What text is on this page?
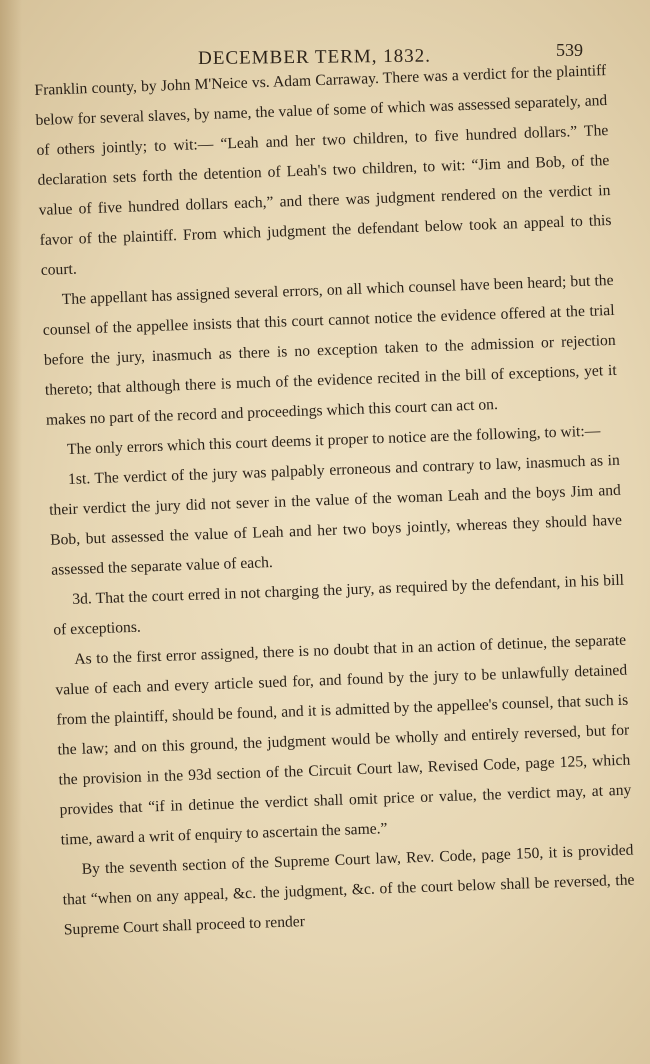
DECEMBER TERM, 1832.	539

Franklin county, by John M'Neice vs. Adam Carraway. There was a verdict for the plaintiff below for several slaves, by name, the value of some of which was assessed separately, and of others jointly; to wit:— “Leah and her two children, to five hundred dollars.” The declaration sets forth the detention of Leah's two children, to wit: “Jim and Bob, of the value of five hundred dollars each,” and there was judgment rendered on the verdict in favor of the plaintiff. From which judgment the defendant below took an appeal to this court.

The appellant has assigned several errors, on all which counsel have been heard; but the counsel of the appellee insists that this court cannot notice the evidence offered at the trial before the jury, inasmuch as there is no exception taken to the admission or rejection thereto; that although there is much of the evidence recited in the bill of exceptions, yet it makes no part of the record and proceedings which this court can act on.

The only errors which this court deems it proper to notice are the following, to wit:—

1st. The verdict of the jury was palpably erroneous and contrary to law, inasmuch as in their verdict the jury did not sever in the value of the woman Leah and the boys Jim and Bob, but assessed the value of Leah and her two boys jointly, whereas they should have assessed the separate value of each.

3d. That the court erred in not charging the jury, as required by the defendant, in his bill of exceptions.

As to the first error assigned, there is no doubt that in an action of detinue, the separate value of each and every article sued for, and found by the jury to be unlawfully detained from the plaintiff, should be found, and it is admitted by the appellee's counsel, that such is the law; and on this ground, the judgment would be wholly and entirely reversed, but for the provision in the 93d section of the Circuit Court law, Revised Code, page 125, which provides that “if in detinue the verdict shall omit price or value, the verdict may, at any time, award a writ of enquiry to ascertain the same.”

By the seventh section of the Supreme Court law, Rev. Code, page 150, it is provided that “when on any appeal, &c. the judgment, &c. of the court below shall be reversed, the Supreme Court shall proceed to render
